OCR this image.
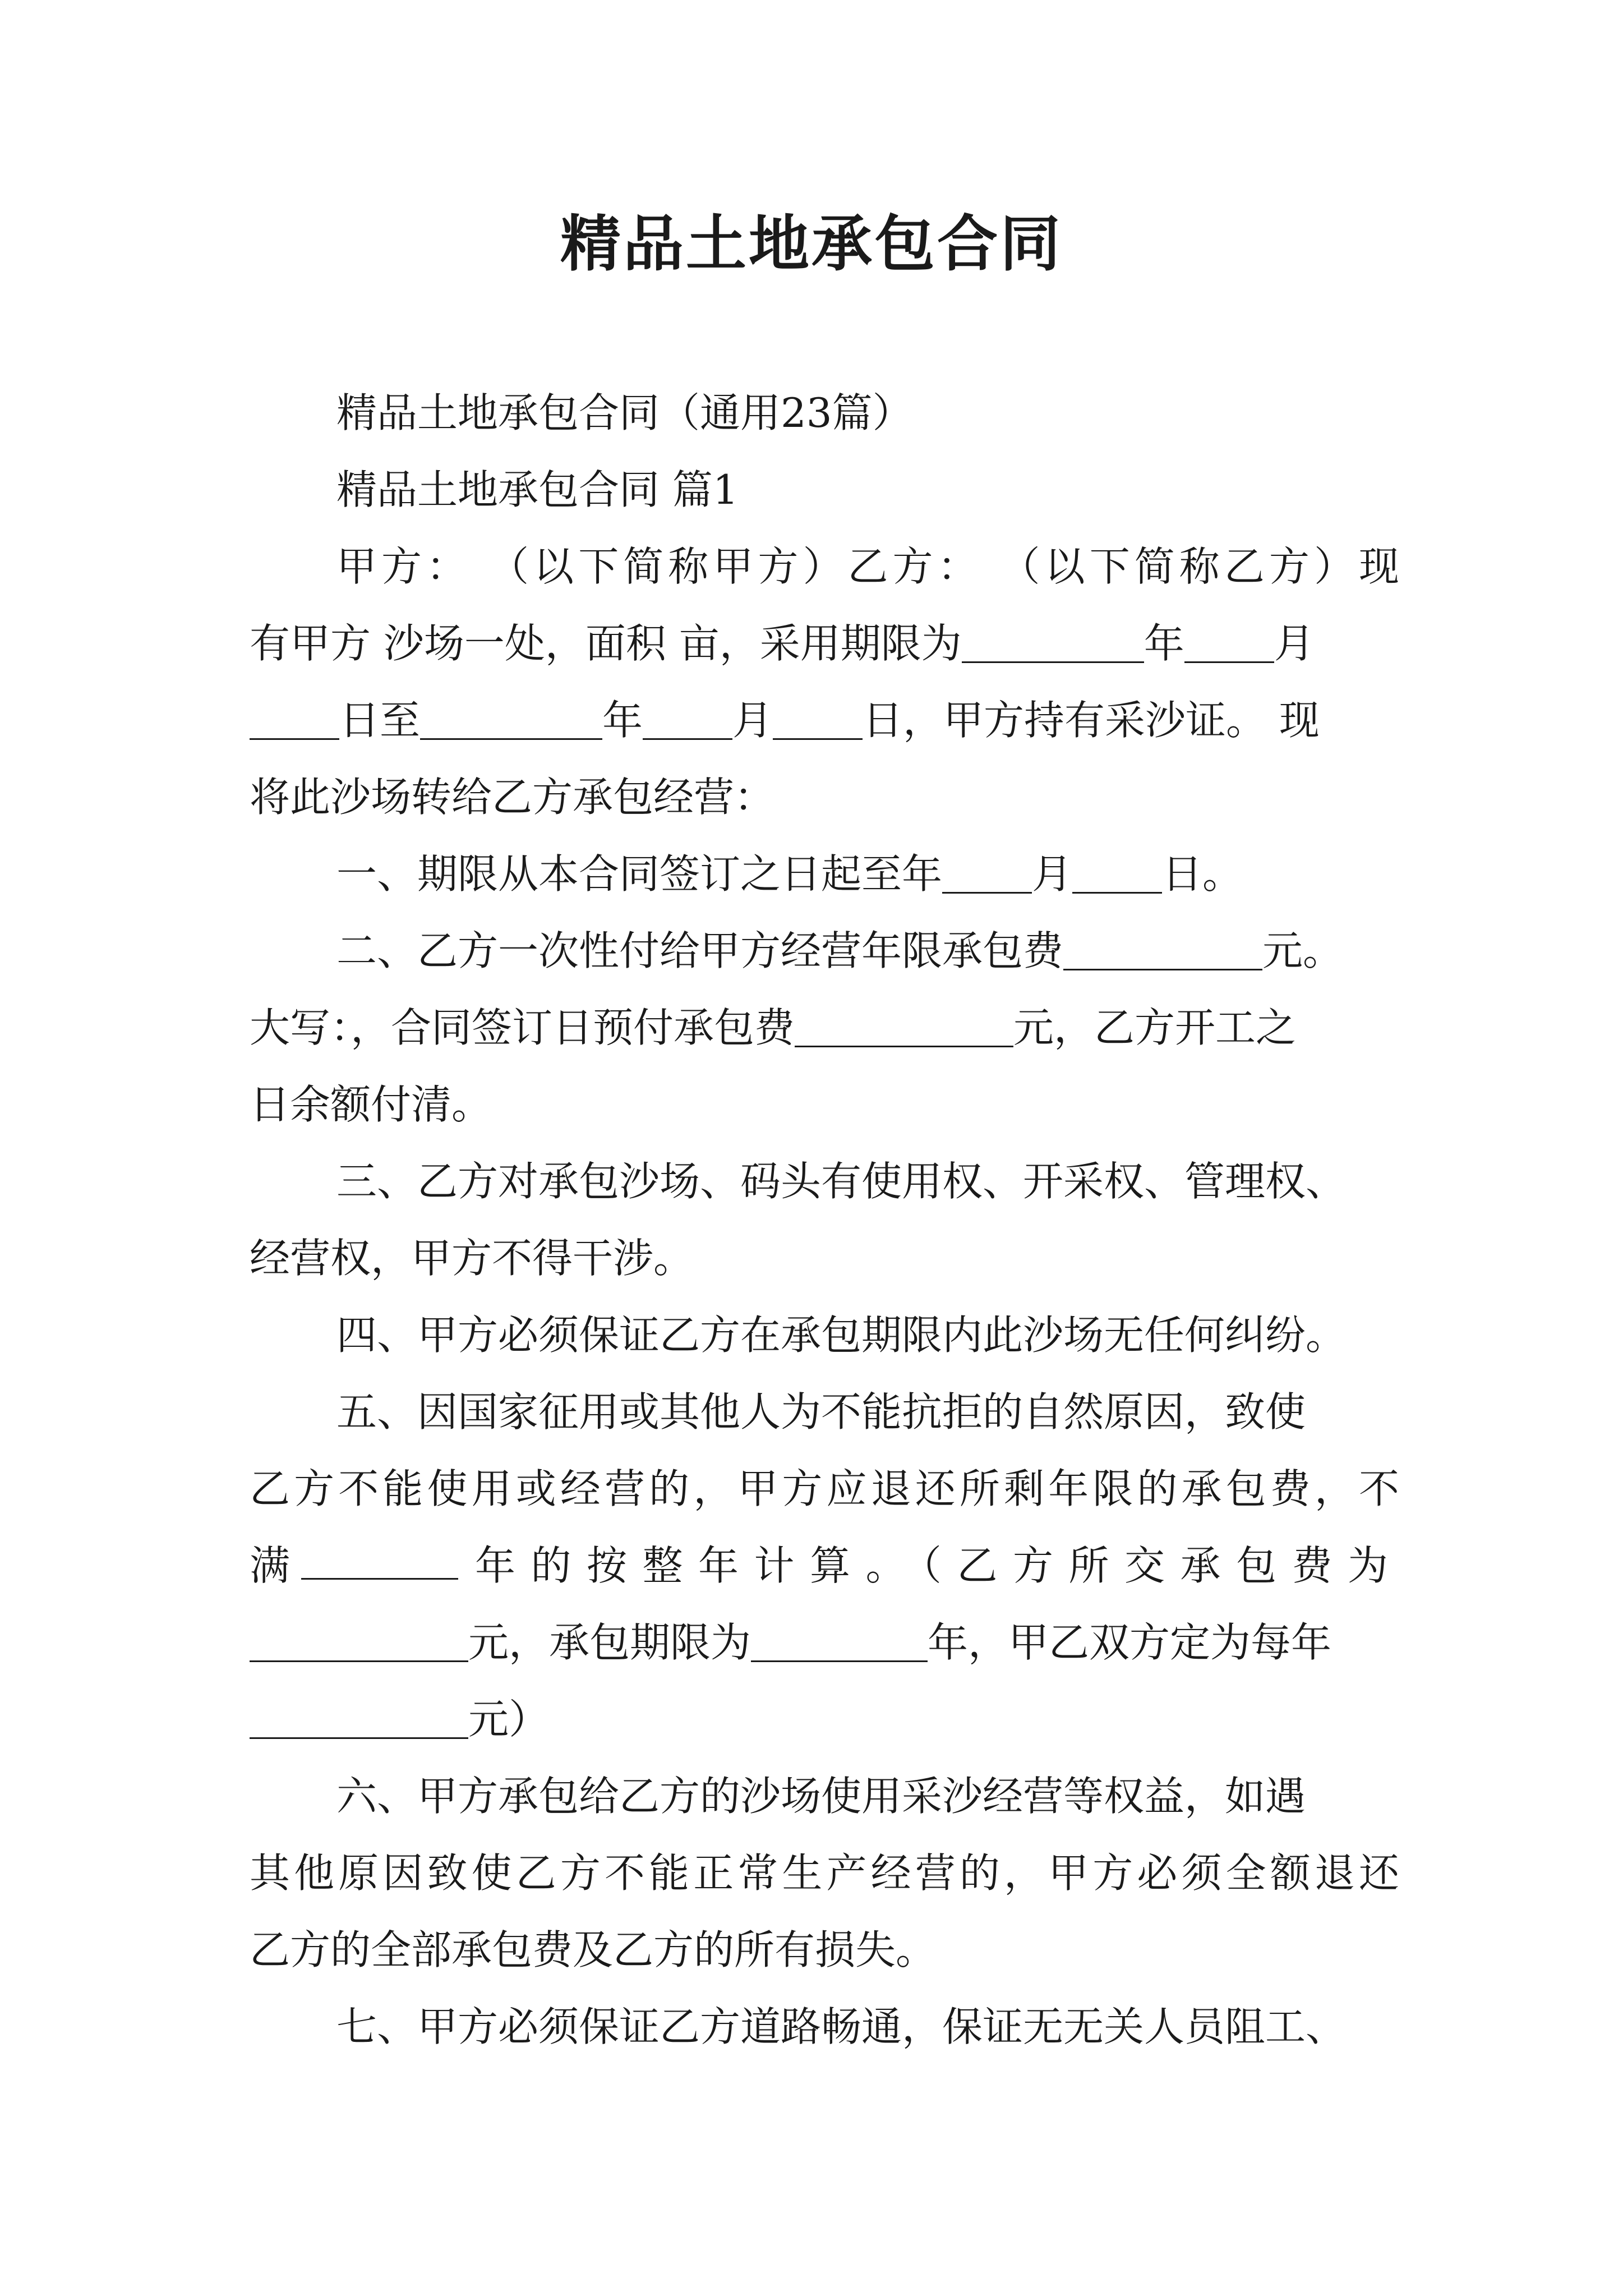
精品土地承包合同
精品土地承包合同（通用23篇）
精品土地承包合同 篇1
甲方： （以下简称甲方）乙方： （以下简称乙方）现
有甲方 沙场一处，面积 亩，采用期限为	年 月
日至	年 月 日，甲方持有采沙证。 现
将此沙场转给乙方承包经营：
一、期限从本合同签订之日起至年 月 日。
二、乙方一次性付给甲方经营年限承包费	元。
大写：，合同签订日预付承包费	元，乙方开工之
日余额付清。
三、乙方对承包沙场、码头有使用权、开采权、管理权、
经营权，甲方不得干涉。
四、甲方必须保证乙方在承包期限内此沙场无任何纠纷。
五、因国家征用或其他人为不能抗拒的自然原因，致使
乙方不能使用或经营的，甲方应退还所剩年限的承包费，不
满	年的按整年计算。（乙方所交承包费为
元，承包期限为	年，甲乙双方定为每年
元）
六、甲方承包给乙方的沙场使用采沙经营等权益，如遇
其他原因致使乙方不能正常生产经营的，甲方必须全额退还
乙方的全部承包费及乙方的所有损失。
七、甲方必须保证乙方道路畅通，保证无无关人员阻工、
